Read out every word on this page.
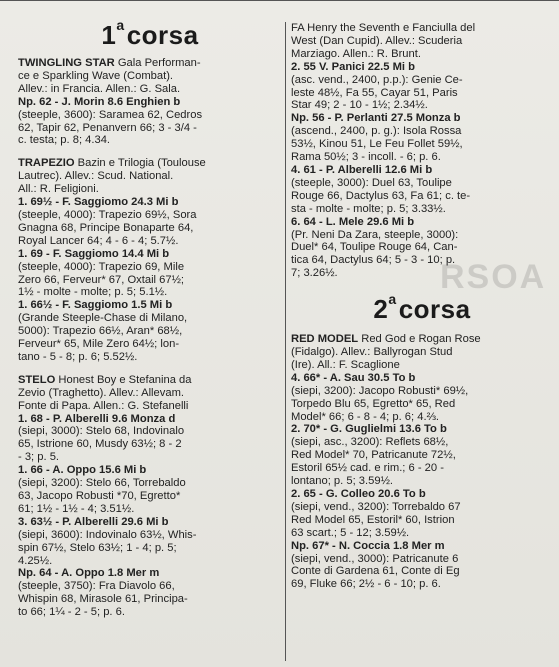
1$^a$corsa
TWINGLING STAR Gala Performan-
ce e Sparkling Wave (Combat).
Allev.: in Francia. Allen.: G. Sala.
Np. 62 - J. Morin 8.6 Enghien b
(steeple, 3600): Saramea 62, Cedros
62, Tapir 62, Penanvern 66; 3 - 3/4 -
c. testa; p. 8; 4.34.
TRAPEZIO Bazin e Trilogia (Toulouse
Lautrec). Allev.: Scud. National.
All.: R. Feligioni.
1. 69½ - F. Saggiomo 24.3 Mi b
(steeple, 4000): Trapezio 69½, Sora
Gnagna 68, Principe Bonaparte 64,
Royal Lancer 64; 4 - 6 - 4; 5.7½.
1. 69 - F. Saggiomo 14.4 Mi b
(steeple, 4000): Trapezio 69, Mile
Zero 66, Ferveur* 67, Oxtail 67½;
1½ - molte - molte; p. 5; 5.1½.
1. 66½ - F. Saggiomo 1.5 Mi b
(Grande Steeple-Chase di Milano,
5000): Trapezio 66½, Aran* 68½,
Ferveur* 65, Mile Zero 64½; lon-
tano - 5 - 8; p. 6; 5.52½.
STELO Honest Boy e Stefanina da
Zevio (Traghetto). Allev.: Allevam.
Fonte di Papa. Allen.: G. Stefanelli
1. 68 - P. Alberelli 9.6 Monza d
(siepi, 3000): Stelo 68, Indovinalo
65, Istrione 60, Musdy 63½; 8 - 2
- 3; p. 5.
1. 66 - A. Oppo 15.6 Mi b
(siepi, 3200): Stelo 66, Torrebaldo
63, Jacopo Robusti *70, Egretto*
61; 1½ - 1½ - 4; 3.51½.
3. 63½ - P. Alberelli 29.6 Mi b
(siepi, 3600): Indovinalo 63½, Whis-
spin 67½, Stelo 63½; 1 - 4; p. 5;
4.25½.
Np. 64 - A. Oppo 1.8 Mer m
(steeple, 3750): Fra Diavolo 66,
Whispin 68, Mirasole 61, Principa-
to 66; 1¼ - 2 - 5; p. 6.
FA Henry the Seventh e Fanciulla del
West (Dan Cupid). Allev.: Scuderia
Marziago. Allen.: R. Brunt.
2. 55 V. Panici 22.5 Mi b
(asc. vend., 2400, p.p.): Genie Ce-
leste 48½, Fa 55, Cayar 51, Paris
Star 49; 2 - 10 - 1½; 2.34½.
Np. 56 - P. Perlanti 27.5 Monza b
(ascend., 2400, p. g.): Isola Rossa
53½, Kinou 51, Le Feu Follet 59½,
Rama 50½; 3 - incoll. - 6; p. 6.
4. 61 - P. Alberelli 12.6 Mi b
(steeple, 3000): Duel 63, Toulipe
Rouge 66, Dactylus 63, Fa 61; c. te-
sta - molte - molte; p. 5; 3.33½.
6. 64 - L. Mele 29.6 Mi b
(Pr. Neni Da Zara, steeple, 3000):
Duel* 64, Toulipe Rouge 64, Can-
tica 64, Dactylus 64; 5 - 3 - 10; p.
7; 3.26½.
2$^a$corsa
RED MODEL Red God e Rogan Rose
(Fidalgo). Allev.: Ballyrogan Stud
(Ire). All.: F. Scaglione
4. 66* - A. Sau 30.5 To b
(siepi, 3200): Jacopo Robusti* 69½,
Torpedo Blu 65, Egretto* 65, Red
Model* 66; 6 - 8 - 4; p. 6; 4.⅔.
2. 70* - G. Guglielmi 13.6 To b
(siepi, asc., 3200): Reflets 68½,
Red Model* 70, Patricanute 72½,
Estoril 65½ cad. e rim.; 6 - 20 -
lontano; p. 5; 3.59½.
2. 65 - G. Colleo 20.6 To b
(siepi, vend., 3200): Torrebaldo 67
Red Model 65, Estoril* 60, Istrion
63 scart.; 5 - 12; 3.59½.
Np. 67* - N. Coccia 1.8 Mer m
(siepi, vend., 3000): Patricanute 6
Conte di Gardena 61, Conte di Eg
69, Fluke 66; 2½ - 6 - 10; p. 6.
RSOA
